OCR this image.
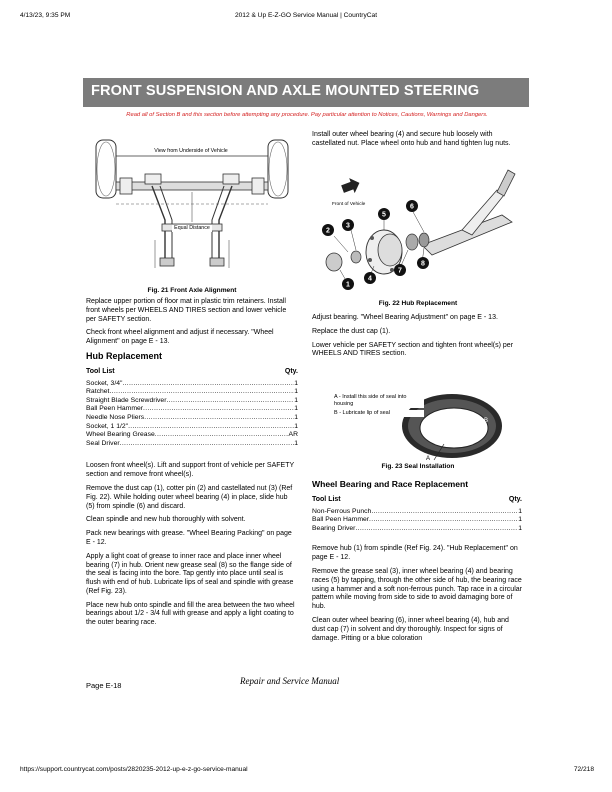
4/13/23, 9:35 PM	2012 & Up E-Z-GO Service Manual | CountryCat
FRONT SUSPENSION AND AXLE MOUNTED STEERING
Read all of Section B and this section before attempting any procedure. Pay particular attention to Notices, Cautions, Warnings and Dangers.
View from Underside of Vehicle
Equal Distance
Fig. 21 Front Axle Alignment

Replace upper portion of floor mat in plastic trim retainers. Install front wheels per WHEELS AND TIRES section and lower vehicle per SAFETY section.

Check front wheel alignment and adjust if necessary. "Wheel Alignment" on page E - 13.

Hub Replacement
Tool List	Qty.
Socket, 3/4" .....	1
Ratchet .....	1
Straight Blade Screwdriver .....	1
Ball Peen Hammer .....	1
Needle Nose Pliers .....	1
Socket, 1 1/2" .....	1
Wheel Bearing Grease .....	AR
Seal Driver .....	1

Loosen front wheel(s). Lift and support front of vehicle per SAFETY section and remove front wheel(s).

Remove the dust cap (1), cotter pin (2) and castellated nut (3) (Ref Fig. 22). While holding outer wheel bearing (4) in place, slide hub (5) from spindle (6) and discard.

Clean spindle and new hub thoroughly with solvent.

Pack new bearings with grease. "Wheel Bearing Packing" on page E - 12.

Apply a light coat of grease to inner race and place inner wheel bearing (7) in hub. Orient new grease seal (8) so the flange side of the seal is facing into the bore. Tap gently into place until seal is flush with end of hub. Lubricate lips of seal and spindle with grease (Ref Fig. 23).

Place new hub onto spindle and fill the area between the two wheel bearings about 1/2 - 3/4 full with grease and apply a light coating to the outer bearing race.

Install outer wheel bearing (4) and secure hub loosely with castellated nut. Place wheel onto hub and hand tighten lug nuts.

1
2
3
4
5
6
7
8
Front of Vehicle
Fig. 22 Hub Replacement

Adjust bearing. "Wheel Bearing Adjustment" on page E - 13.

Replace the dust cap (1).

Lower vehicle per SAFETY section and tighten front wheel(s) per WHEELS AND TIRES section.

A - Install this side of seal into housing
B - Lubricate lip of seal
B
A
Fig. 23 Seal Installation
Wheel Bearing and Race Replacement
Tool List	Qty.
Non-Ferrous Punch .....	1
Ball Peen Hammer .....	1
Bearing Driver .....	1

Remove hub (1) from spindle (Ref Fig. 24). "Hub Replacement" on page E - 12.

Remove the grease seal (3), inner wheel bearing (4) and bearing races (5) by tapping, through the other side of hub, the bearing race using a hammer and a soft non-ferrous punch. Tap race in a circular pattern while moving from side to side to avoid damaging bore of hub.

Clean outer wheel bearing (6), inner wheel bearing (4), hub and dust cap (7) in solvent and dry thoroughly. Inspect for signs of damage. Pitting or a blue coloration

Page E-18	Repair and Service Manual
https://support.countrycat.com/posts/2820235-2012-up-e-z-go-service-manual	72/218
